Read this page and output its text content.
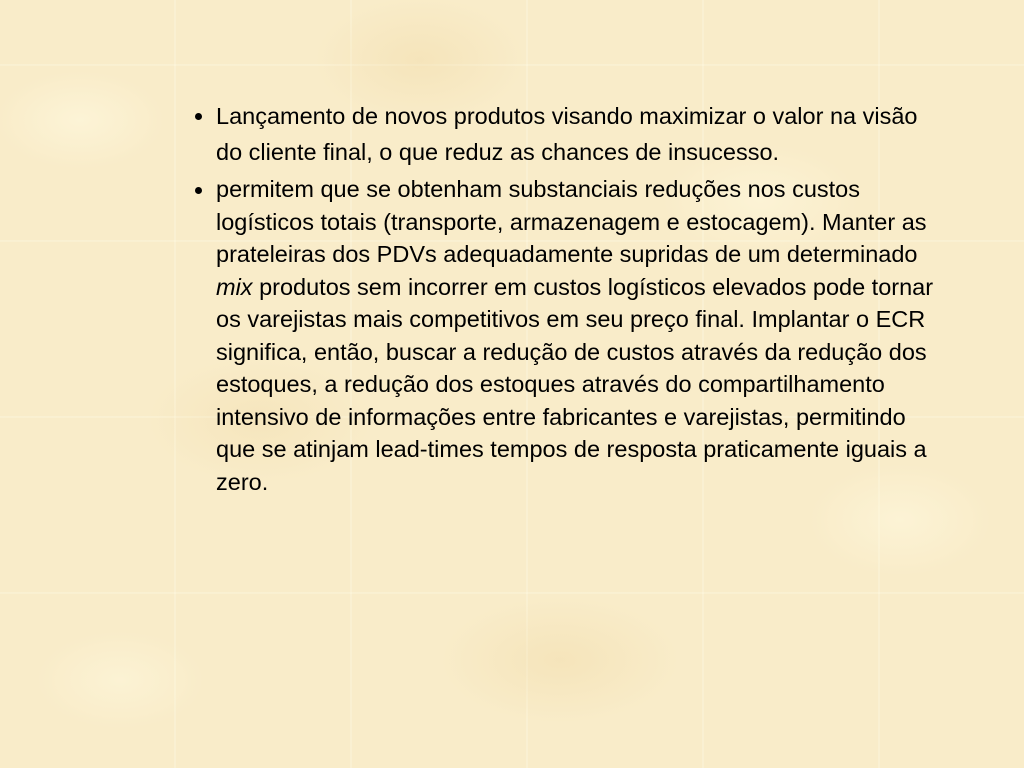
Lançamento de novos produtos visando maximizar o valor na visão do cliente final, o que reduz as chances de insucesso.
permitem que se obtenham substanciais reduções nos custos logísticos totais (transporte, armazenagem e estocagem). Manter as prateleiras dos PDVs adequadamente supridas de um determinado mix produtos sem incorrer em custos logísticos elevados pode tornar os varejistas mais competitivos em seu preço final. Implantar o ECR significa, então, buscar a redução de custos através da redução dos estoques, a redução dos estoques através do compartilhamento intensivo de informações entre fabricantes e varejistas, permitindo que se atinjam lead-times tempos de resposta praticamente iguais a zero.
